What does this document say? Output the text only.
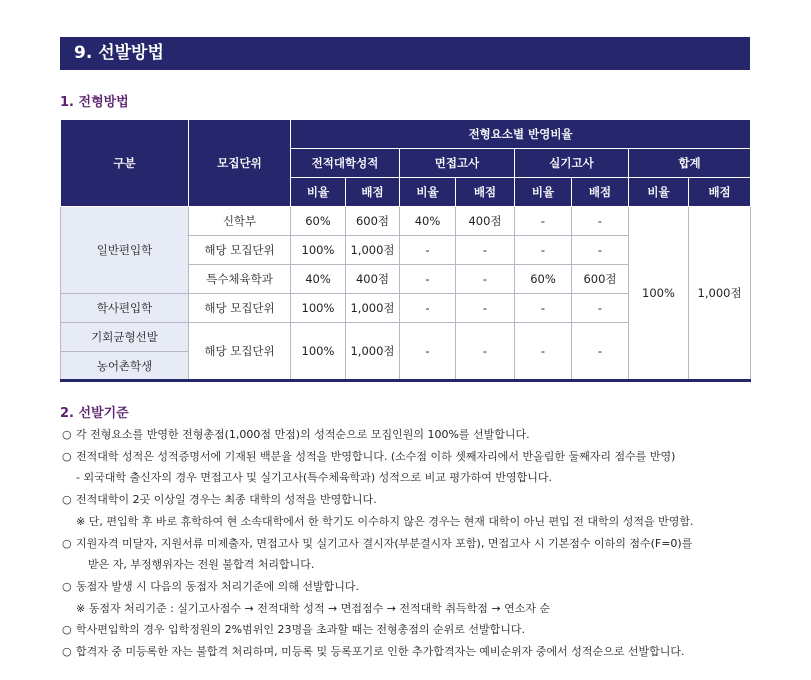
9. 선발방법
1. 전형방법
구분	모집단위	전형요소별 반영비율							
		전적대학성적		면접고사		실기고사		합계	
		비율	배점	비율	배점	비율	배점	비율	배점
일반편입학	신학부	60%	600점	40%	400점	-	-	100%	1,000점
	해당 모집단위	100%	1,000점	-	-	-	-		
	특수체육학과	40%	400점	-	-	60%	600점		
학사편입학	해당 모집단위	100%	1,000점	-	-	-	-		
기회균형선발	해당 모집단위	100%	1,000점	-	-	-	-		
농어촌학생									
2. 선발기준
○ 각 전형요소를 반영한 전형총점(1,000점 만점)의 성적순으로 모집인원의 100%를 선발합니다.
○ 전적대학 성적은 성적증명서에 기재된 백분율 성적을 반영합니다. (소수점 이하 셋째자리에서 반올림한 둘째자리 점수를 반영)
- 외국대학 출신자의 경우 면접고사 및 실기고사(특수체육학과) 성적으로 비교 평가하여 반영합니다.
○ 전적대학이 2곳 이상일 경우는 최종 대학의 성적을 반영합니다.
※ 단, 편입학 후 바로 휴학하여 현 소속대학에서 한 학기도 이수하지 않은 경우는 현재 대학이 아닌 편입 전 대학의 성적을 반영함.
○ 지원자격 미달자, 지원서류 미제출자, 면접고사 및 실기고사 결시자(부분결시자 포함), 면접고사 시 기본점수 이하의 점수(F=0)를
받은 자, 부정행위자는 전원 불합격 처리합니다.
○ 동점자 발생 시 다음의 동점자 처리기준에 의해 선발합니다.
※ 동점자 처리기준 : 실기고사점수 → 전적대학 성적 → 면접점수 → 전적대학 취득학점 → 연소자 순
○ 학사편입학의 경우 입학정원의 2%범위인 23명을 초과할 때는 전형총점의 순위로 선발합니다.
○ 합격자 중 미등록한 자는 불합격 처리하며, 미등록 및 등록포기로 인한 추가합격자는 예비순위자 중에서 성적순으로 선발합니다.
